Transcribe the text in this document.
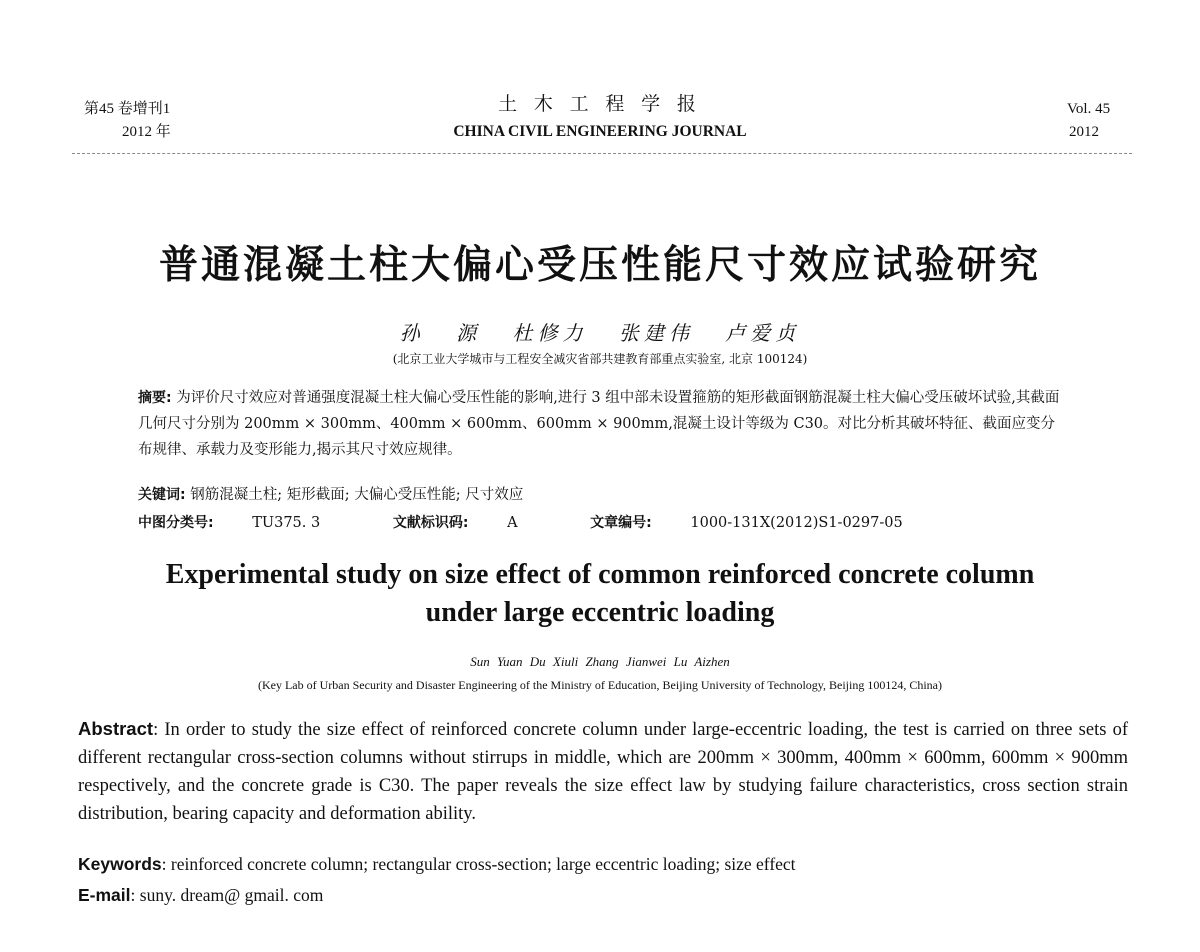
第45 卷增刊1
2012 年
土 木 工 程 学 报
CHINA CIVIL ENGINEERING JOURNAL
Vol. 45
2012
普通混凝土柱大偏心受压性能尺寸效应试验研究
孙 源 杜修力 张建伟 卢爱贞
(北京工业大学城市与工程安全减灾省部共建教育部重点实验室, 北京 100124)

摘要: 为评价尺寸效应对普通强度混凝土柱大偏心受压性能的影响,进行 3 组中部未设置箍筋的矩形截面钢筋混凝土柱大偏心受压破坏试验,其截面几何尺寸分别为 200mm × 300mm、400mm × 600mm、600mm × 900mm,混凝土设计等级为 C30。对比分析其破坏特征、截面应变分布规律、承载力及变形能力,揭示其尺寸效应规律。

关键词: 钢筋混凝土柱; 矩形截面; 大偏心受压性能; 尺寸效应
中图分类号:	TU375. 3	文献标识码:	A	文章编号:	1000-131X(2012)S1-0297-05
Experimental study on size effect of common reinforced concrete column
under large eccentric loading
Sun Yuan Du Xiuli Zhang Jianwei Lu Aizhen
(Key Lab of Urban Security and Disaster Engineering of the Ministry of Education, Beijing University of Technology, Beijing 100124, China)
Abstract: In order to study the size effect of reinforced concrete column under large-eccentric loading, the test is carried on three sets of different rectangular cross-section columns without stirrups in middle, which are 200mm × 300mm, 400mm × 600mm, 600mm × 900mm respectively, and the concrete grade is C30. The paper reveals the size effect law by studying failure characteristics, cross section strain distribution, bearing capacity and deformation ability.
Keywords: reinforced concrete column; rectangular cross-section; large eccentric loading; size effect
E-mail: suny. dream@ gmail. com
